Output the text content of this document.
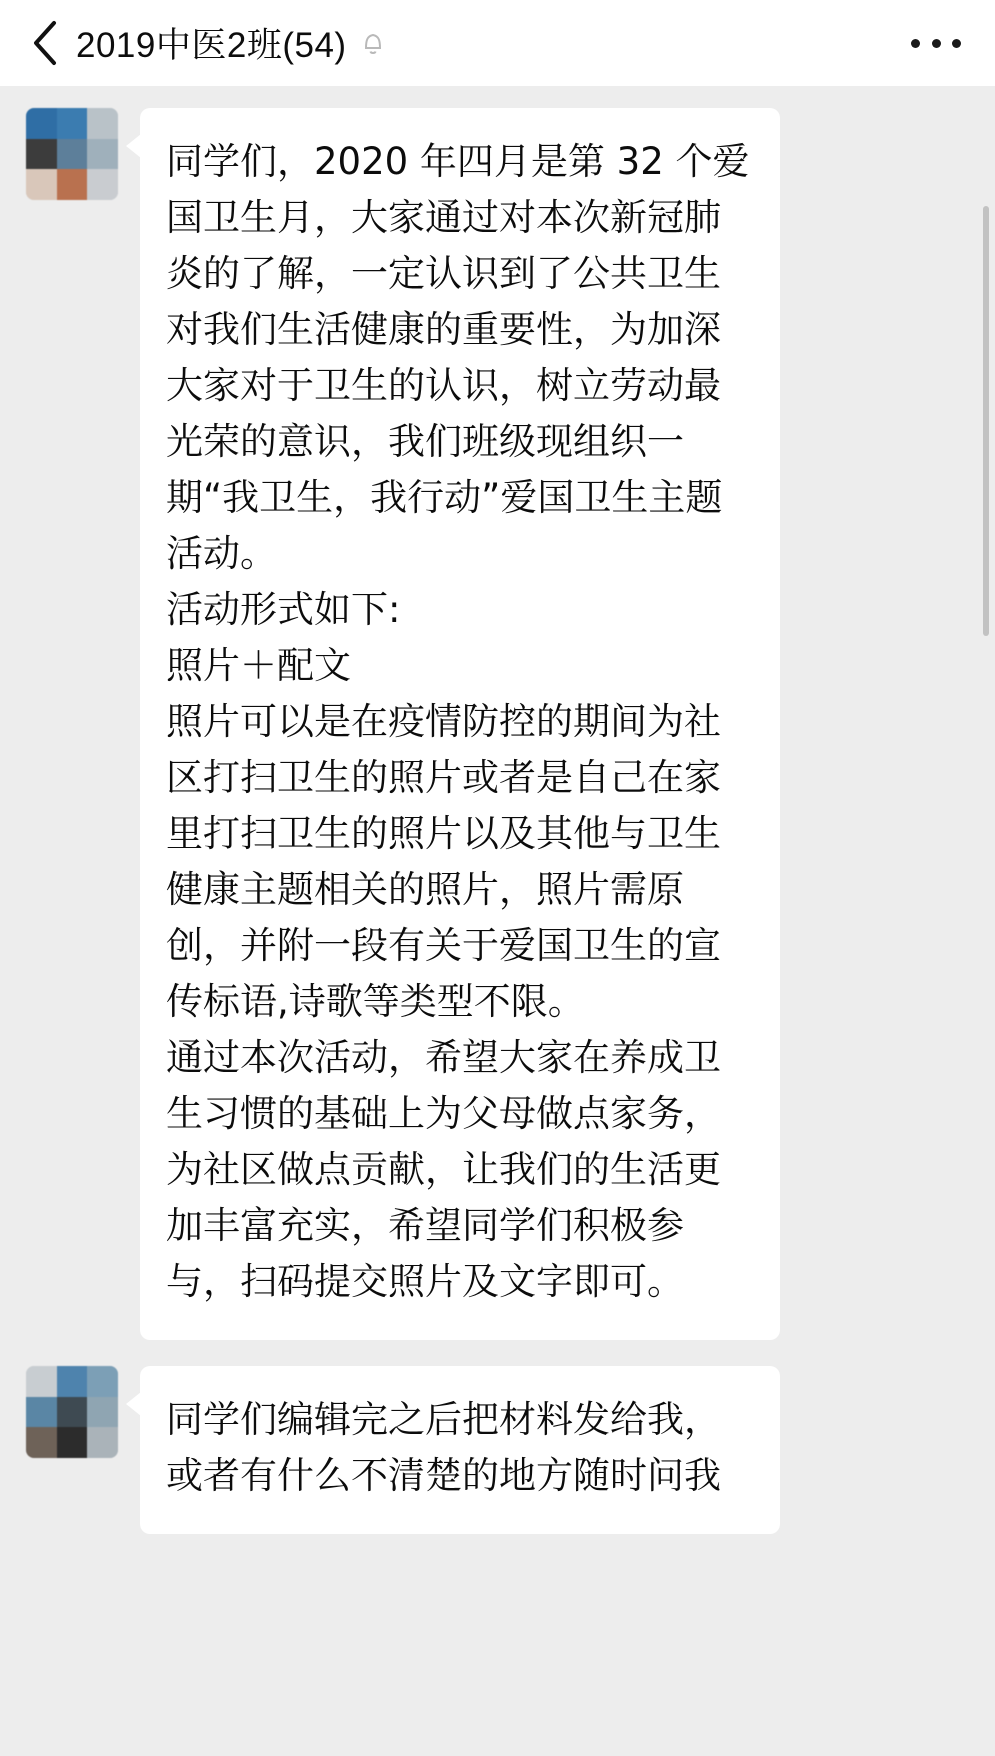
2019中医2班(54)

同学们，2020 年四月是第 32 个爱国卫生月，大家通过对本次新冠肺炎的了解，一定认识到了公共卫生对我们生活健康的重要性，为加深大家对于卫生的认识，树立劳动最光荣的意识，我们班级现组织一期“我卫生，我行动”爱国卫生主题活动。

活动形式如下:

照片＋配文

照片可以是在疫情防控的期间为社区打扫卫生的照片或者是自己在家里打扫卫生的照片以及其他与卫生健康主题相关的照片，照片需原创，并附一段有关于爱国卫生的宣传标语,诗歌等类型不限。

通过本次活动，希望大家在养成卫生习惯的基础上为父母做点家务，为社区做点贡献，让我们的生活更加丰富充实，希望同学们积极参与，扫码提交照片及文字即可。

同学们编辑完之后把材料发给我，或者有什么不清楚的地方随时问我
